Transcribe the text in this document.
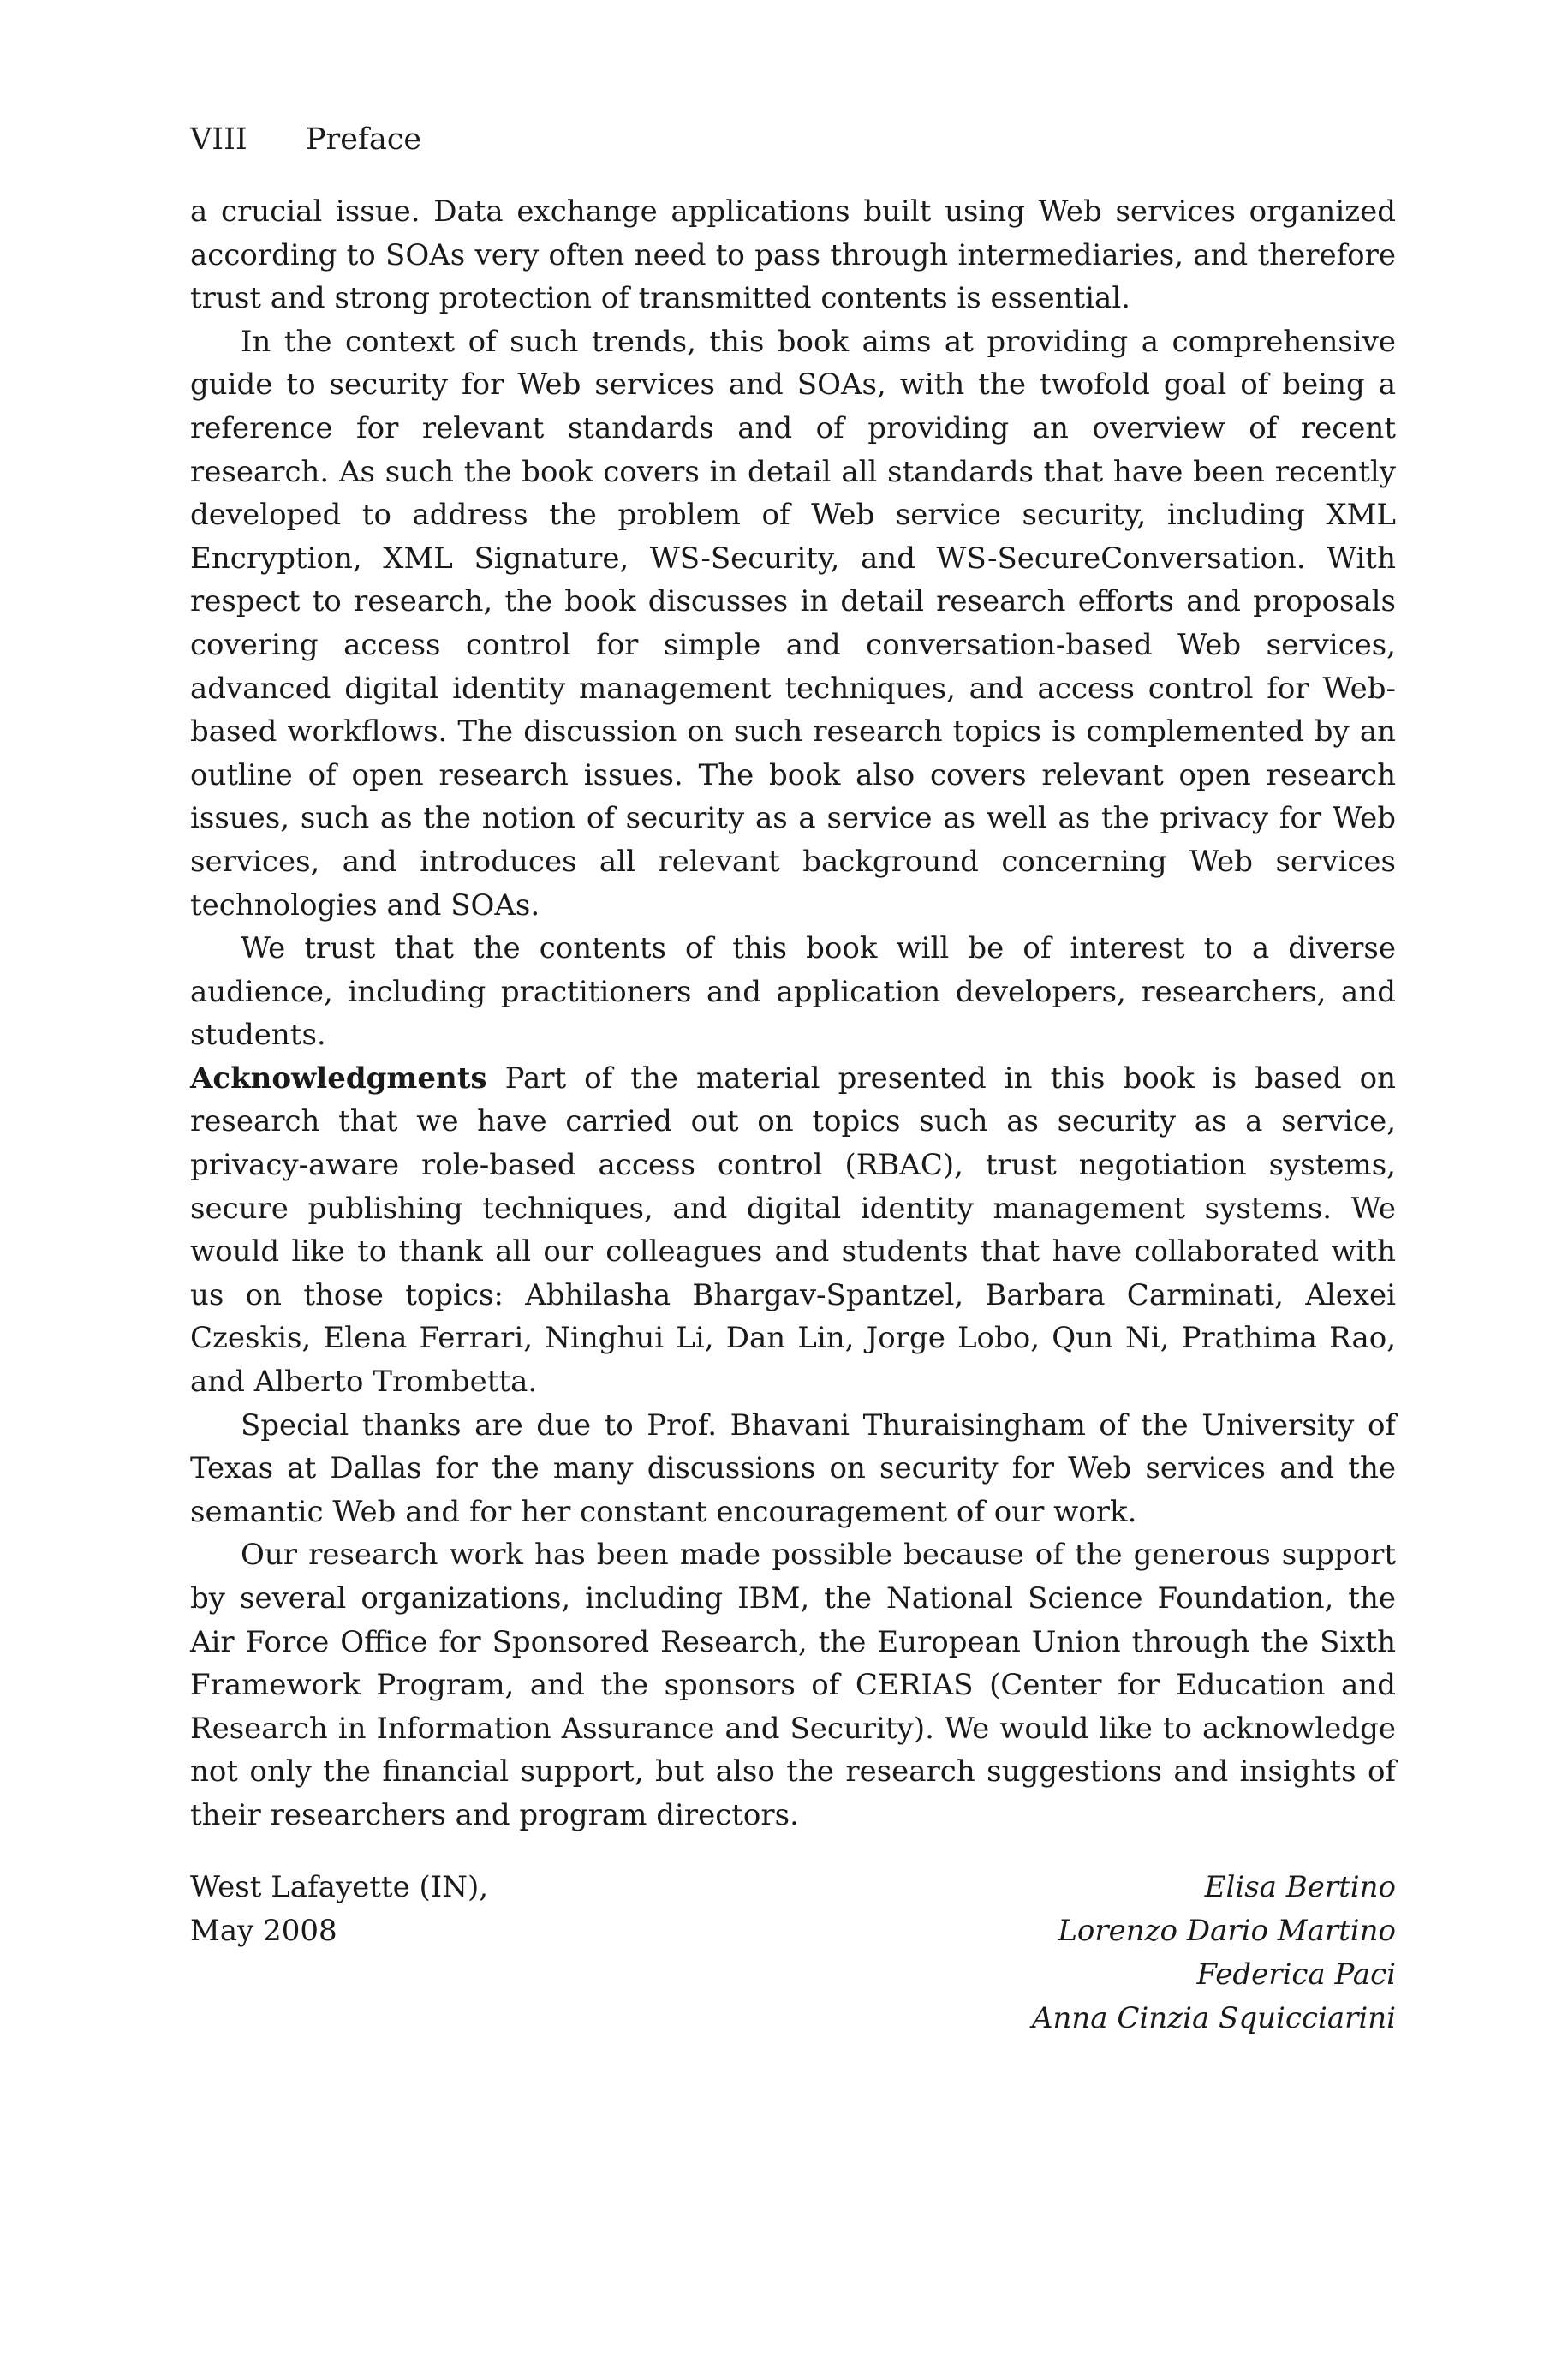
VIII Preface

a crucial issue. Data exchange applications built using Web services organized according to SOAs very often need to pass through intermediaries, and therefore trust and strong protection of transmitted contents is essential.

In the context of such trends, this book aims at providing a comprehensive guide to security for Web services and SOAs, with the twofold goal of being a reference for relevant standards and of providing an overview of recent research. As such the book covers in detail all standards that have been recently developed to address the problem of Web service security, including XML Encryption, XML Signature, WS-Security, and WS-SecureConversation. With respect to research, the book discusses in detail research efforts and proposals covering access control for simple and conversation-based Web services, advanced digital identity management techniques, and access control for Web-based workflows. The discussion on such research topics is complemented by an outline of open research issues. The book also covers relevant open research issues, such as the notion of security as a service as well as the privacy for Web services, and introduces all relevant background concerning Web services technologies and SOAs.

We trust that the contents of this book will be of interest to a diverse audience, including practitioners and application developers, researchers, and students.

Acknowledgments Part of the material presented in this book is based on research that we have carried out on topics such as security as a service, privacy-aware role-based access control (RBAC), trust negotiation systems, secure publishing techniques, and digital identity management systems. We would like to thank all our colleagues and students that have collaborated with us on those topics: Abhilasha Bhargav-Spantzel, Barbara Carminati, Alexei Czeskis, Elena Ferrari, Ninghui Li, Dan Lin, Jorge Lobo, Qun Ni, Prathima Rao, and Alberto Trombetta.

Special thanks are due to Prof. Bhavani Thuraisingham of the University of Texas at Dallas for the many discussions on security for Web services and the semantic Web and for her constant encouragement of our work.

Our research work has been made possible because of the generous support by several organizations, including IBM, the National Science Foundation, the Air Force Office for Sponsored Research, the European Union through the Sixth Framework Program, and the sponsors of CERIAS (Center for Education and Research in Information Assurance and Security). We would like to acknowledge not only the financial support, but also the research suggestions and insights of their researchers and program directors.

West Lafayette (IN),
May 2008
Elisa Bertino
Lorenzo Dario Martino
Federica Paci
Anna Cinzia Squicciarini
